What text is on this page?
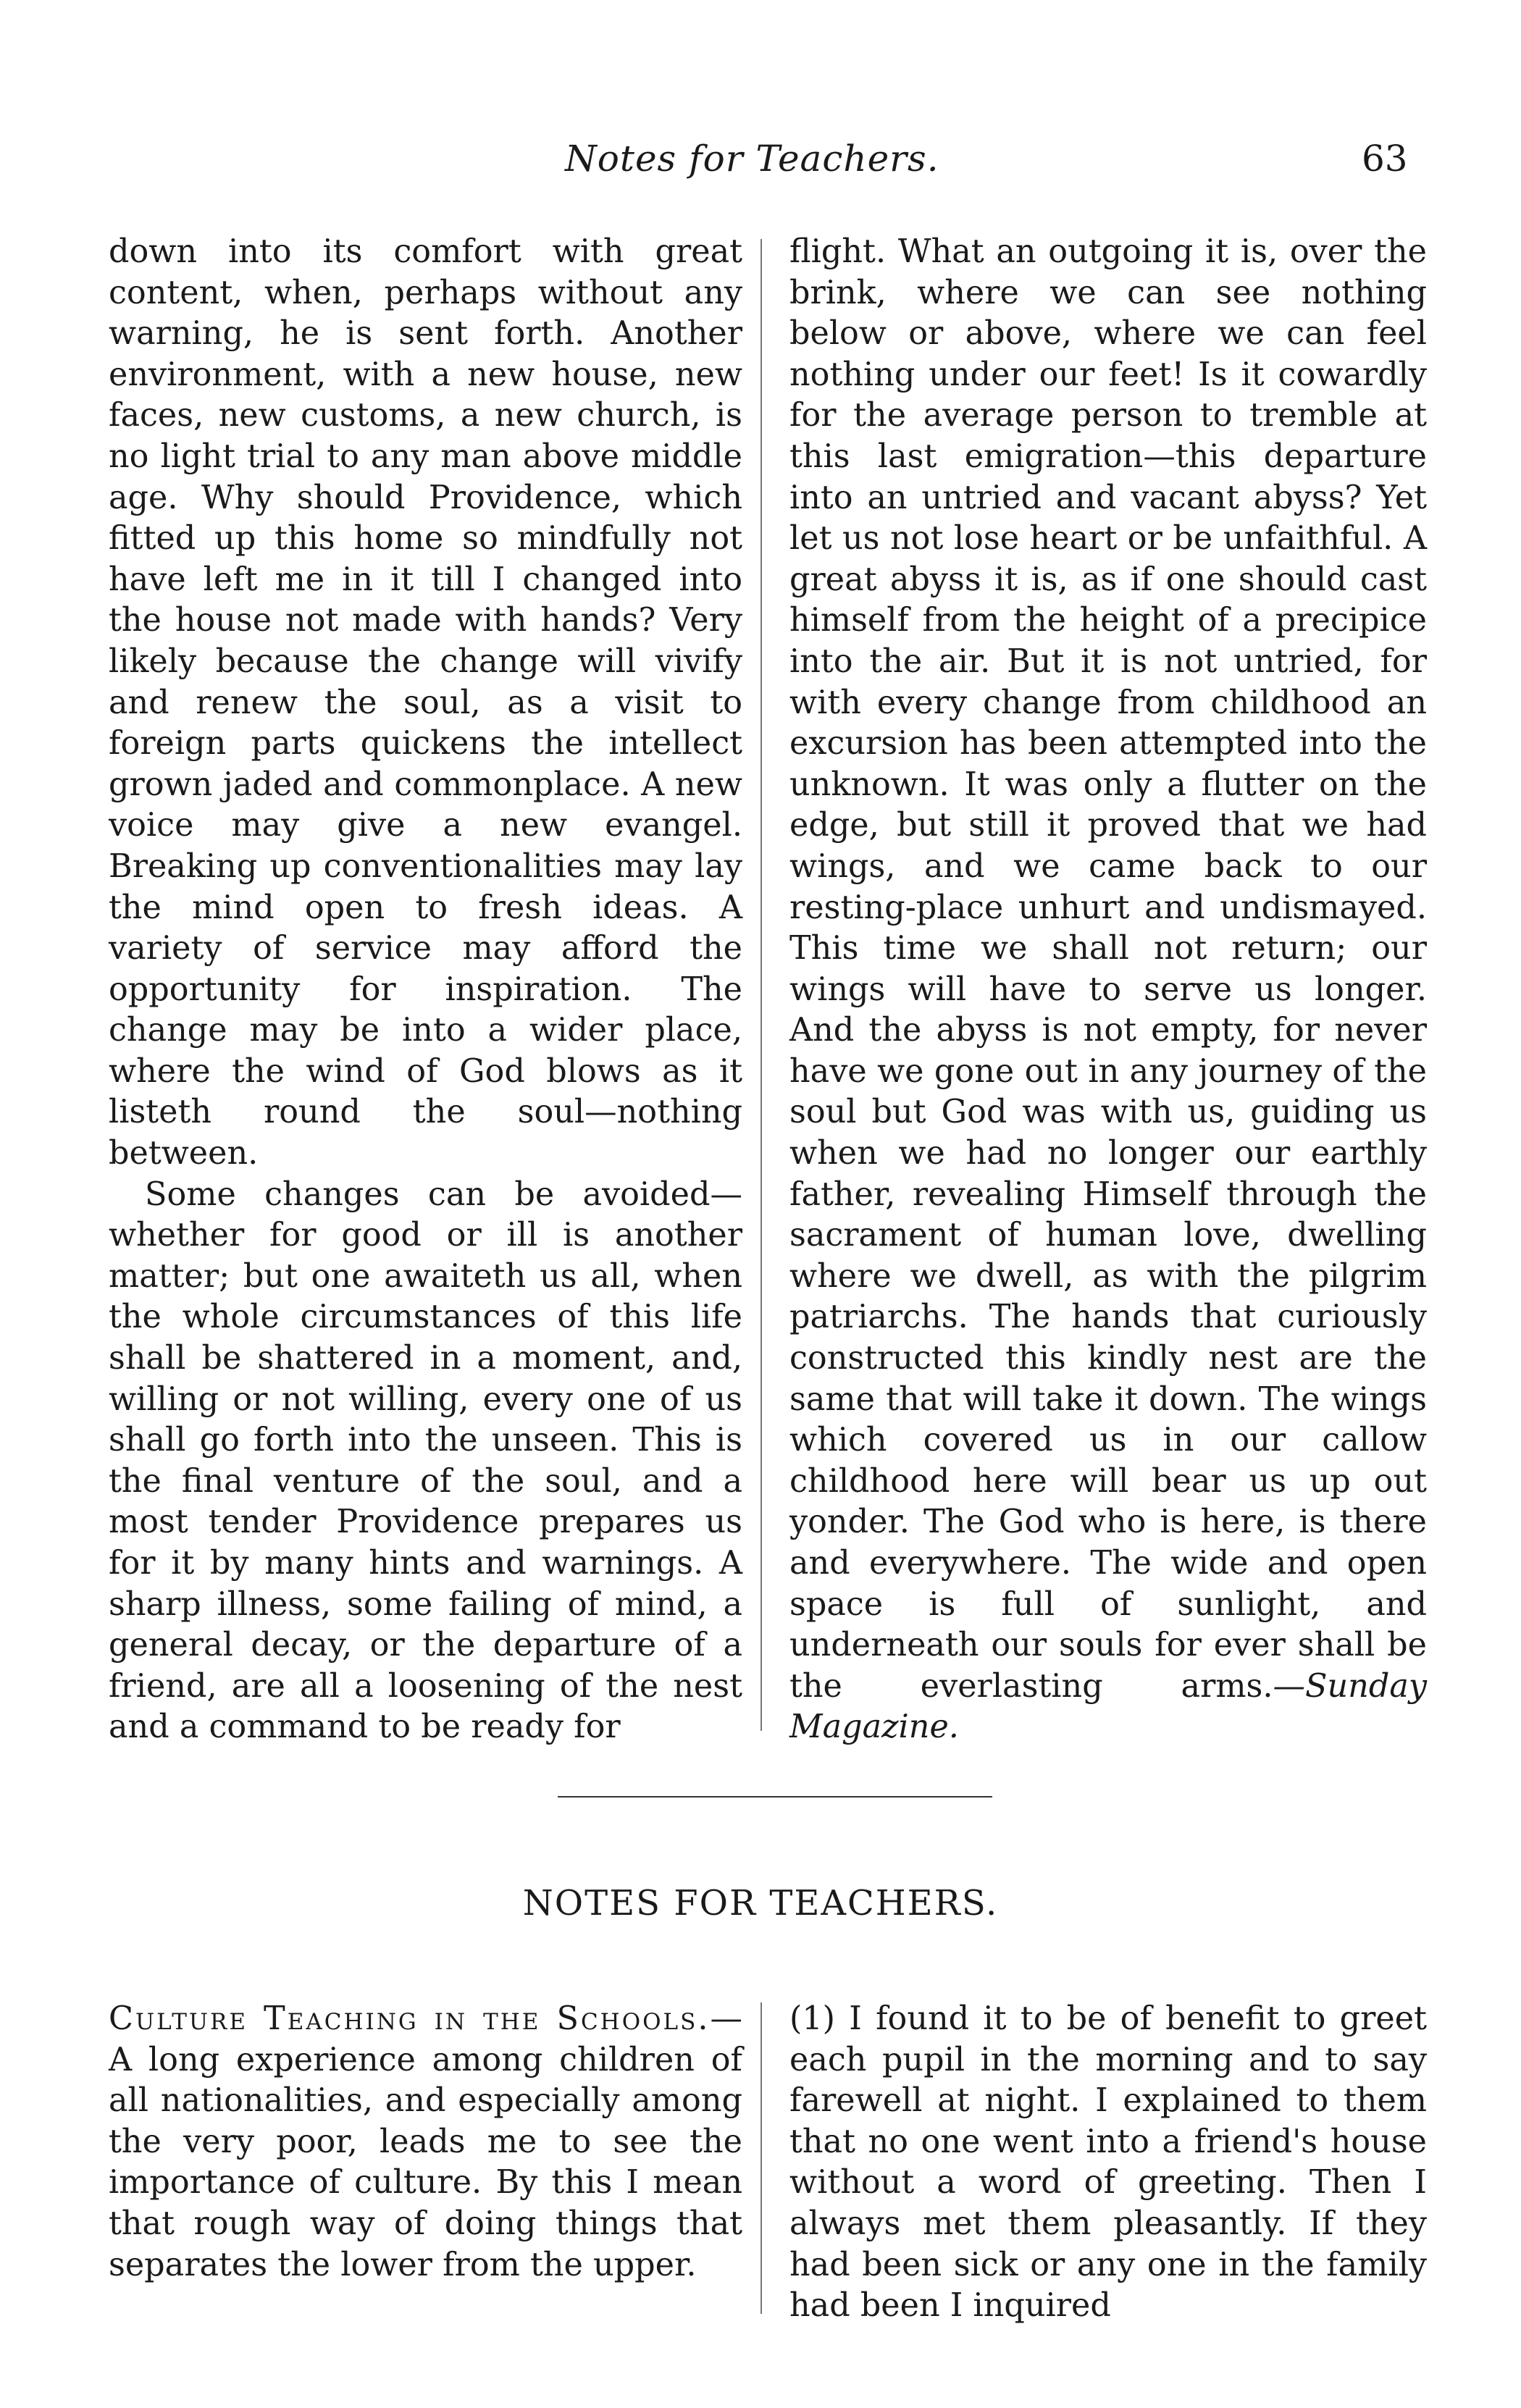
Notes for Teachers.	63

down into its comfort with great content, when, perhaps without any warning, he is sent forth. Another environment, with a new house, new faces, new customs, a new church, is no light trial to any man above middle age. Why should Providence, which fitted up this home so mindfully not have left me in it till I changed into the house not made with hands? Very likely because the change will vivify and renew the soul, as a visit to foreign parts quickens the intellect grown jaded and commonplace. A new voice may give a new evangel. Breaking up conventionalities may lay the mind open to fresh ideas. A variety of service may afford the opportunity for inspiration. The change may be into a wider place, where the wind of God blows as it listeth round the soul—nothing between.

Some changes can be avoided—whether for good or ill is another matter; but one awaiteth us all, when the whole circumstances of this life shall be shattered in a moment, and, willing or not willing, every one of us shall go forth into the unseen. This is the final venture of the soul, and a most tender Providence prepares us for it by many hints and warnings. A sharp illness, some failing of mind, a general decay, or the departure of a friend, are all a loosening of the nest and a command to be ready for

flight. What an outgoing it is, over the brink, where we can see nothing below or above, where we can feel nothing under our feet! Is it cowardly for the average person to tremble at this last emigration—this departure into an untried and vacant abyss? Yet let us not lose heart or be unfaithful. A great abyss it is, as if one should cast himself from the height of a precipice into the air. But it is not untried, for with every change from childhood an excursion has been attempted into the unknown. It was only a flutter on the edge, but still it proved that we had wings, and we came back to our resting-place unhurt and undismayed. This time we shall not return; our wings will have to serve us longer. And the abyss is not empty, for never have we gone out in any journey of the soul but God was with us, guiding us when we had no longer our earthly father, revealing Himself through the sacrament of human love, dwelling where we dwell, as with the pilgrim patriarchs. The hands that curiously constructed this kindly nest are the same that will take it down. The wings which covered us in our callow childhood here will bear us up out yonder. The God who is here, is there and everywhere. The wide and open space is full of sunlight, and underneath our souls for ever shall be the everlasting arms.—Sunday Magazine.

NOTES FOR TEACHERS.

Culture Teaching in the Schools.—A long experience among children of all nationalities, and especially among the very poor, leads me to see the importance of culture. By this I mean that rough way of doing things that separates the lower from the upper.

(1) I found it to be of benefit to greet each pupil in the morning and to say farewell at night. I explained to them that no one went into a friend's house without a word of greeting. Then I always met them pleasantly. If they had been sick or any one in the family had been I inquired
